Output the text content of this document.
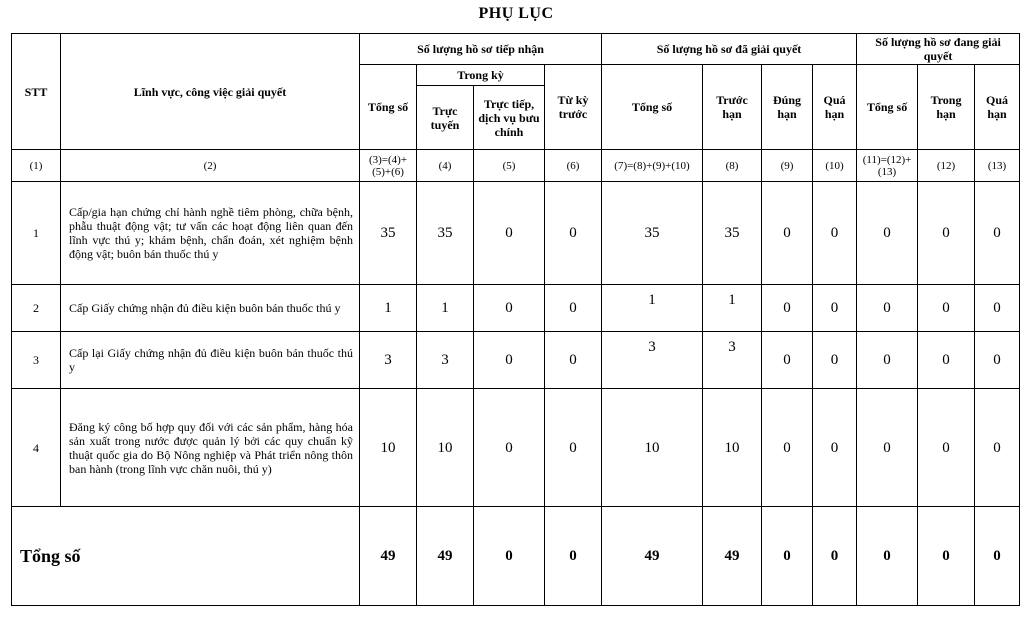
PHỤ LỤC
STT	Lĩnh vực, công việc giải quyết	Số lượng hồ sơ tiếp nhận				Số lượng hồ sơ đã giải quyết				Số lượng hồ sơ đang giải quyết		
		Tổng số	Trong kỳ		Từ kỳ trước	Tổng số	Trước hạn	Đúng hạn	Quá hạn	Tổng số	Trong hạn	Quá hạn
			Trực tuyến	Trực tiếp, dịch vụ bưu chính								
(1)	(2)	(3)=(4)+(5)+(6)	(4)	(5)	(6)	(7)=(8)+(9)+(10)	(8)	(9)	(10)	(11)=(12)+(13)	(12)	(13)
1	Cấp/gia hạn chứng chỉ hành nghề tiêm phòng, chữa bệnh, phẫu thuật động vật; tư vấn các hoạt động liên quan đến lĩnh vực thú y; khám bệnh, chẩn đoán, xét nghiệm bệnh động vật; buôn bán thuốc thú y	35	35	0	0	35	35	0	0	0	0	0
2	Cấp Giấy chứng nhận đủ điều kiện buôn bán thuốc thú y	1	1	0	0	1	1	0	0	0	0	0
3	Cấp lại Giấy chứng nhận đủ điều kiện buôn bán thuốc thú y	3	3	0	0	3	3	0	0	0	0	0
4	Đăng ký công bố hợp quy đối với các sản phẩm, hàng hóa sản xuất trong nước được quản lý bởi các quy chuẩn kỹ thuật quốc gia do Bộ Nông nghiệp và Phát triển nông thôn ban hành (trong lĩnh vực chăn nuôi, thú y)	10	10	0	0	10	10	0	0	0	0	0
Tổng số		49	49	0	0	49	49	0	0	0	0	0
